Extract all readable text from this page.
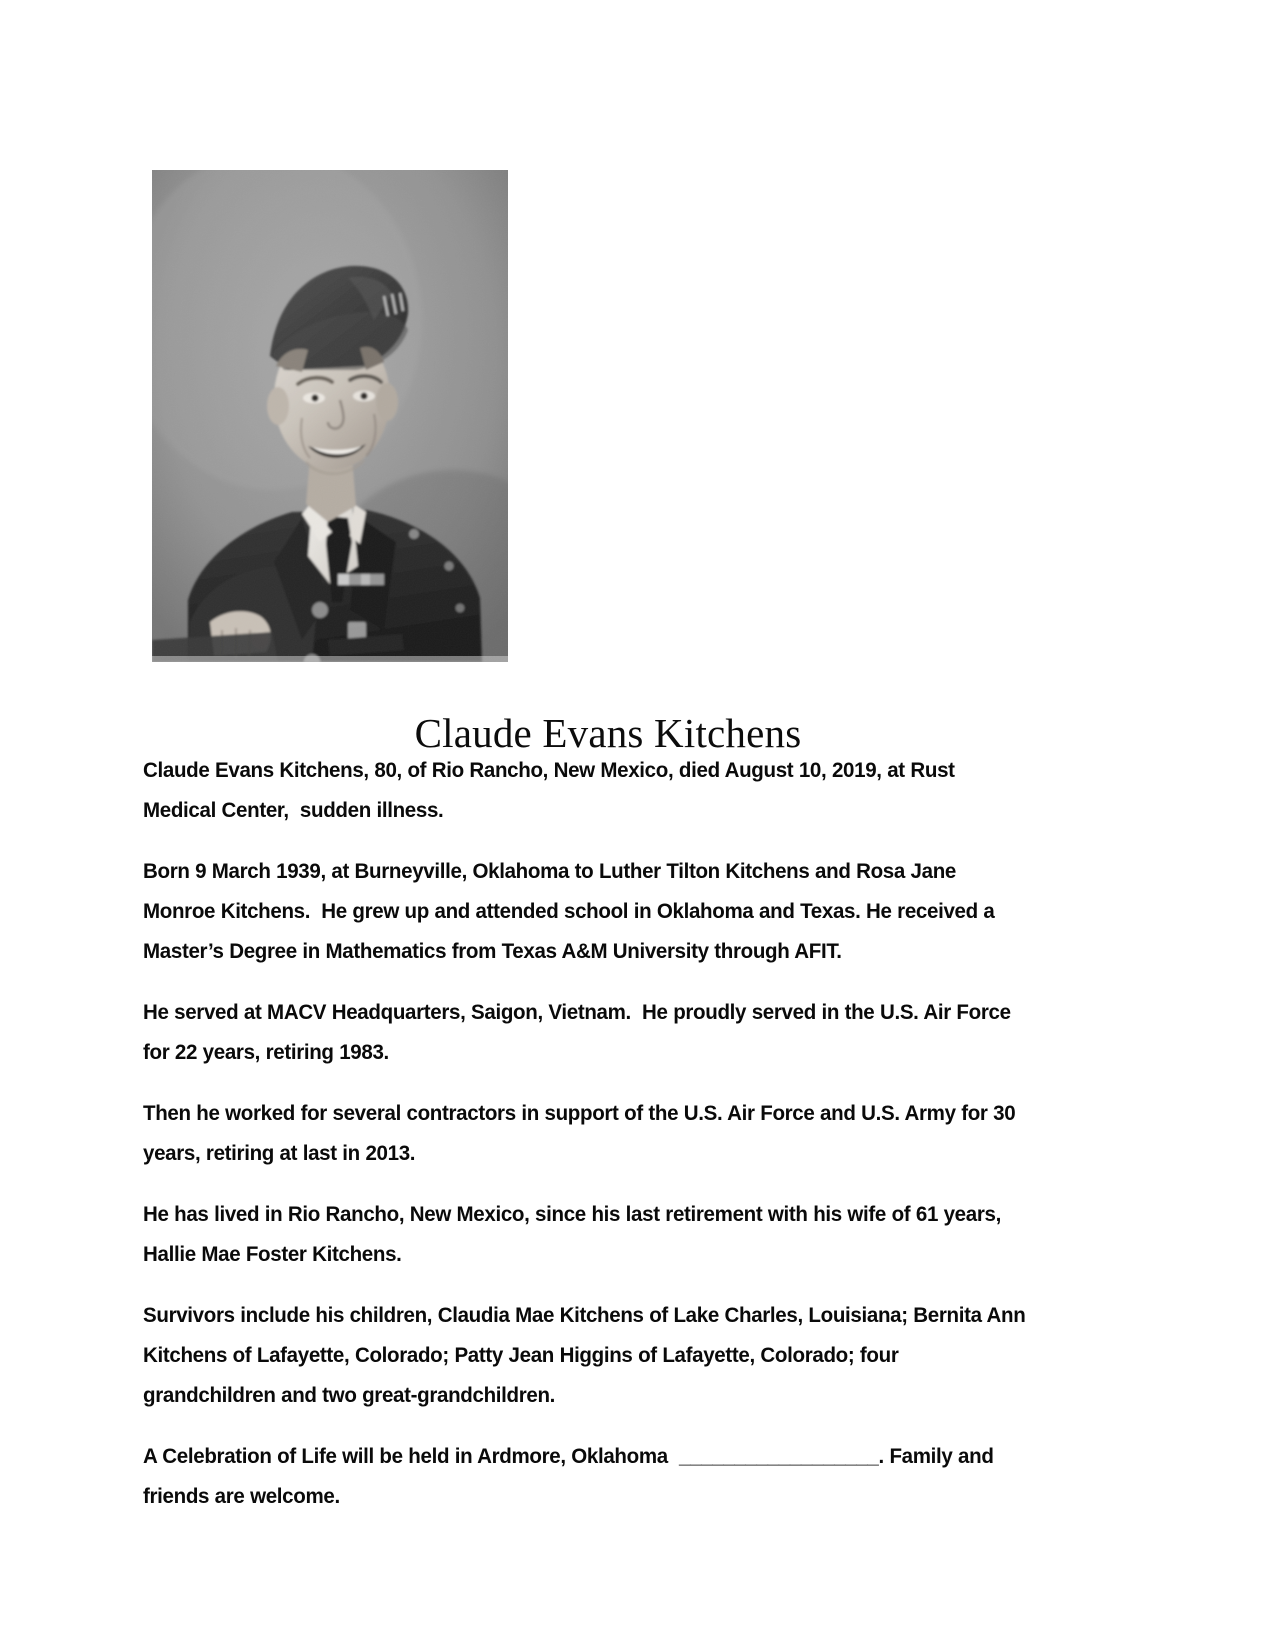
Claude Evans Kitchens

Claude Evans Kitchens, 80, of Rio Rancho, New Mexico, died August 10, 2019, at Rust Medical Center,  sudden illness.

Born 9 March 1939, at Burneyville, Oklahoma to Luther Tilton Kitchens and Rosa Jane Monroe Kitchens.  He grew up and attended school in Oklahoma and Texas. He received a Master’s Degree in Mathematics from Texas A&M University through AFIT.

He served at MACV Headquarters, Saigon, Vietnam.  He proudly served in the U.S. Air Force for 22 years, retiring 1983.

Then he worked for several contractors in support of the U.S. Air Force and U.S. Army for 30 years, retiring at last in 2013.

He has lived in Rio Rancho, New Mexico, since his last retirement with his wife of 61 years, Hallie Mae Foster Kitchens.

Survivors include his children, Claudia Mae Kitchens of Lake Charles, Louisiana; Bernita Ann Kitchens of Lafayette, Colorado; Patty Jean Higgins of Lafayette, Colorado; four grandchildren and two great-grandchildren.

A Celebration of Life will be held in Ardmore, Oklahoma  __________________. Family and friends are welcome.
